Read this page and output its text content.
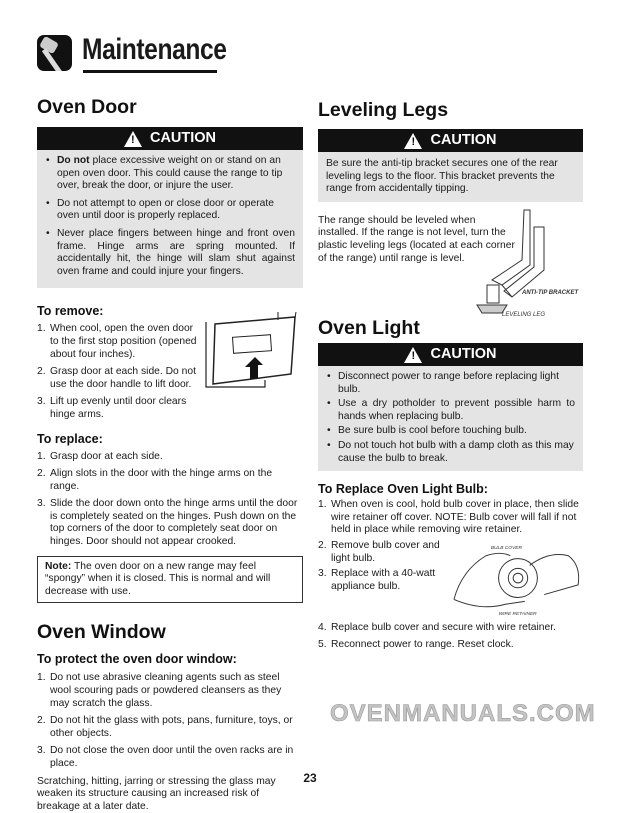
Maintenance
Oven Door
! CAUTION
• Do not place excessive weight on or stand on an open oven door. This could cause the range to tip over, break the door, or injure the user.
• Do not attempt to open or close door or operate oven until door is properly replaced.
• Never place fingers between hinge and front oven frame. Hinge arms are spring mounted. If accidentally hit, the hinge will slam shut against oven frame and could injure your fingers.
To remove:
1. When cool, open the oven door to the first stop position (opened about four inches).
2. Grasp door at each side. Do not use the door handle to lift door.
3. Lift up evenly until door clears hinge arms.
To replace:
1. Grasp door at each side.
2. Align slots in the door with the hinge arms on the range.
3. Slide the door down onto the hinge arms until the door is completely seated on the hinges. Push down on the top corners of the door to completely seat door on hinges. Door should not appear crooked.
Note: The oven door on a new range may feel “spongy” when it is closed. This is normal and will decrease with use.
Oven Window
To protect the oven door window:
1. Do not use abrasive cleaning agents such as steel wool scouring pads or powdered cleansers as they may scratch the glass.
2. Do not hit the glass with pots, pans, furniture, toys, or other objects.
3. Do not close the oven door until the oven racks are in place.
Scratching, hitting, jarring or stressing the glass may weaken its structure causing an increased risk of breakage at a later date.
Leveling Legs
! CAUTION
Be sure the anti-tip bracket secures one of the rear leveling legs to the floor. This bracket prevents the range from accidentally tipping.
The range should be leveled when installed. If the range is not level, turn the plastic leveling legs (located at each corner of the range) until range is level.
ANTI-TIP BRACKET
LEVELING LEG
Oven Light
! CAUTION
• Disconnect power to range before replacing light bulb.
• Use a dry potholder to prevent possible harm to hands when replacing bulb.
• Be sure bulb is cool before touching bulb.
• Do not touch hot bulb with a damp cloth as this may cause the bulb to break.
To Replace Oven Light Bulb:
1. When oven is cool, hold bulb cover in place, then slide wire retainer off cover. NOTE: Bulb cover will fall if not held in place while removing wire retainer.
2. Remove bulb cover and light bulb.
3. Replace with a 40-watt appliance bulb.
BULB COVER
WIRE RETAINER
4. Replace bulb cover and secure with wire retainer.
5. Reconnect power to range. Reset clock.
OVENMANUALS.COM
23
